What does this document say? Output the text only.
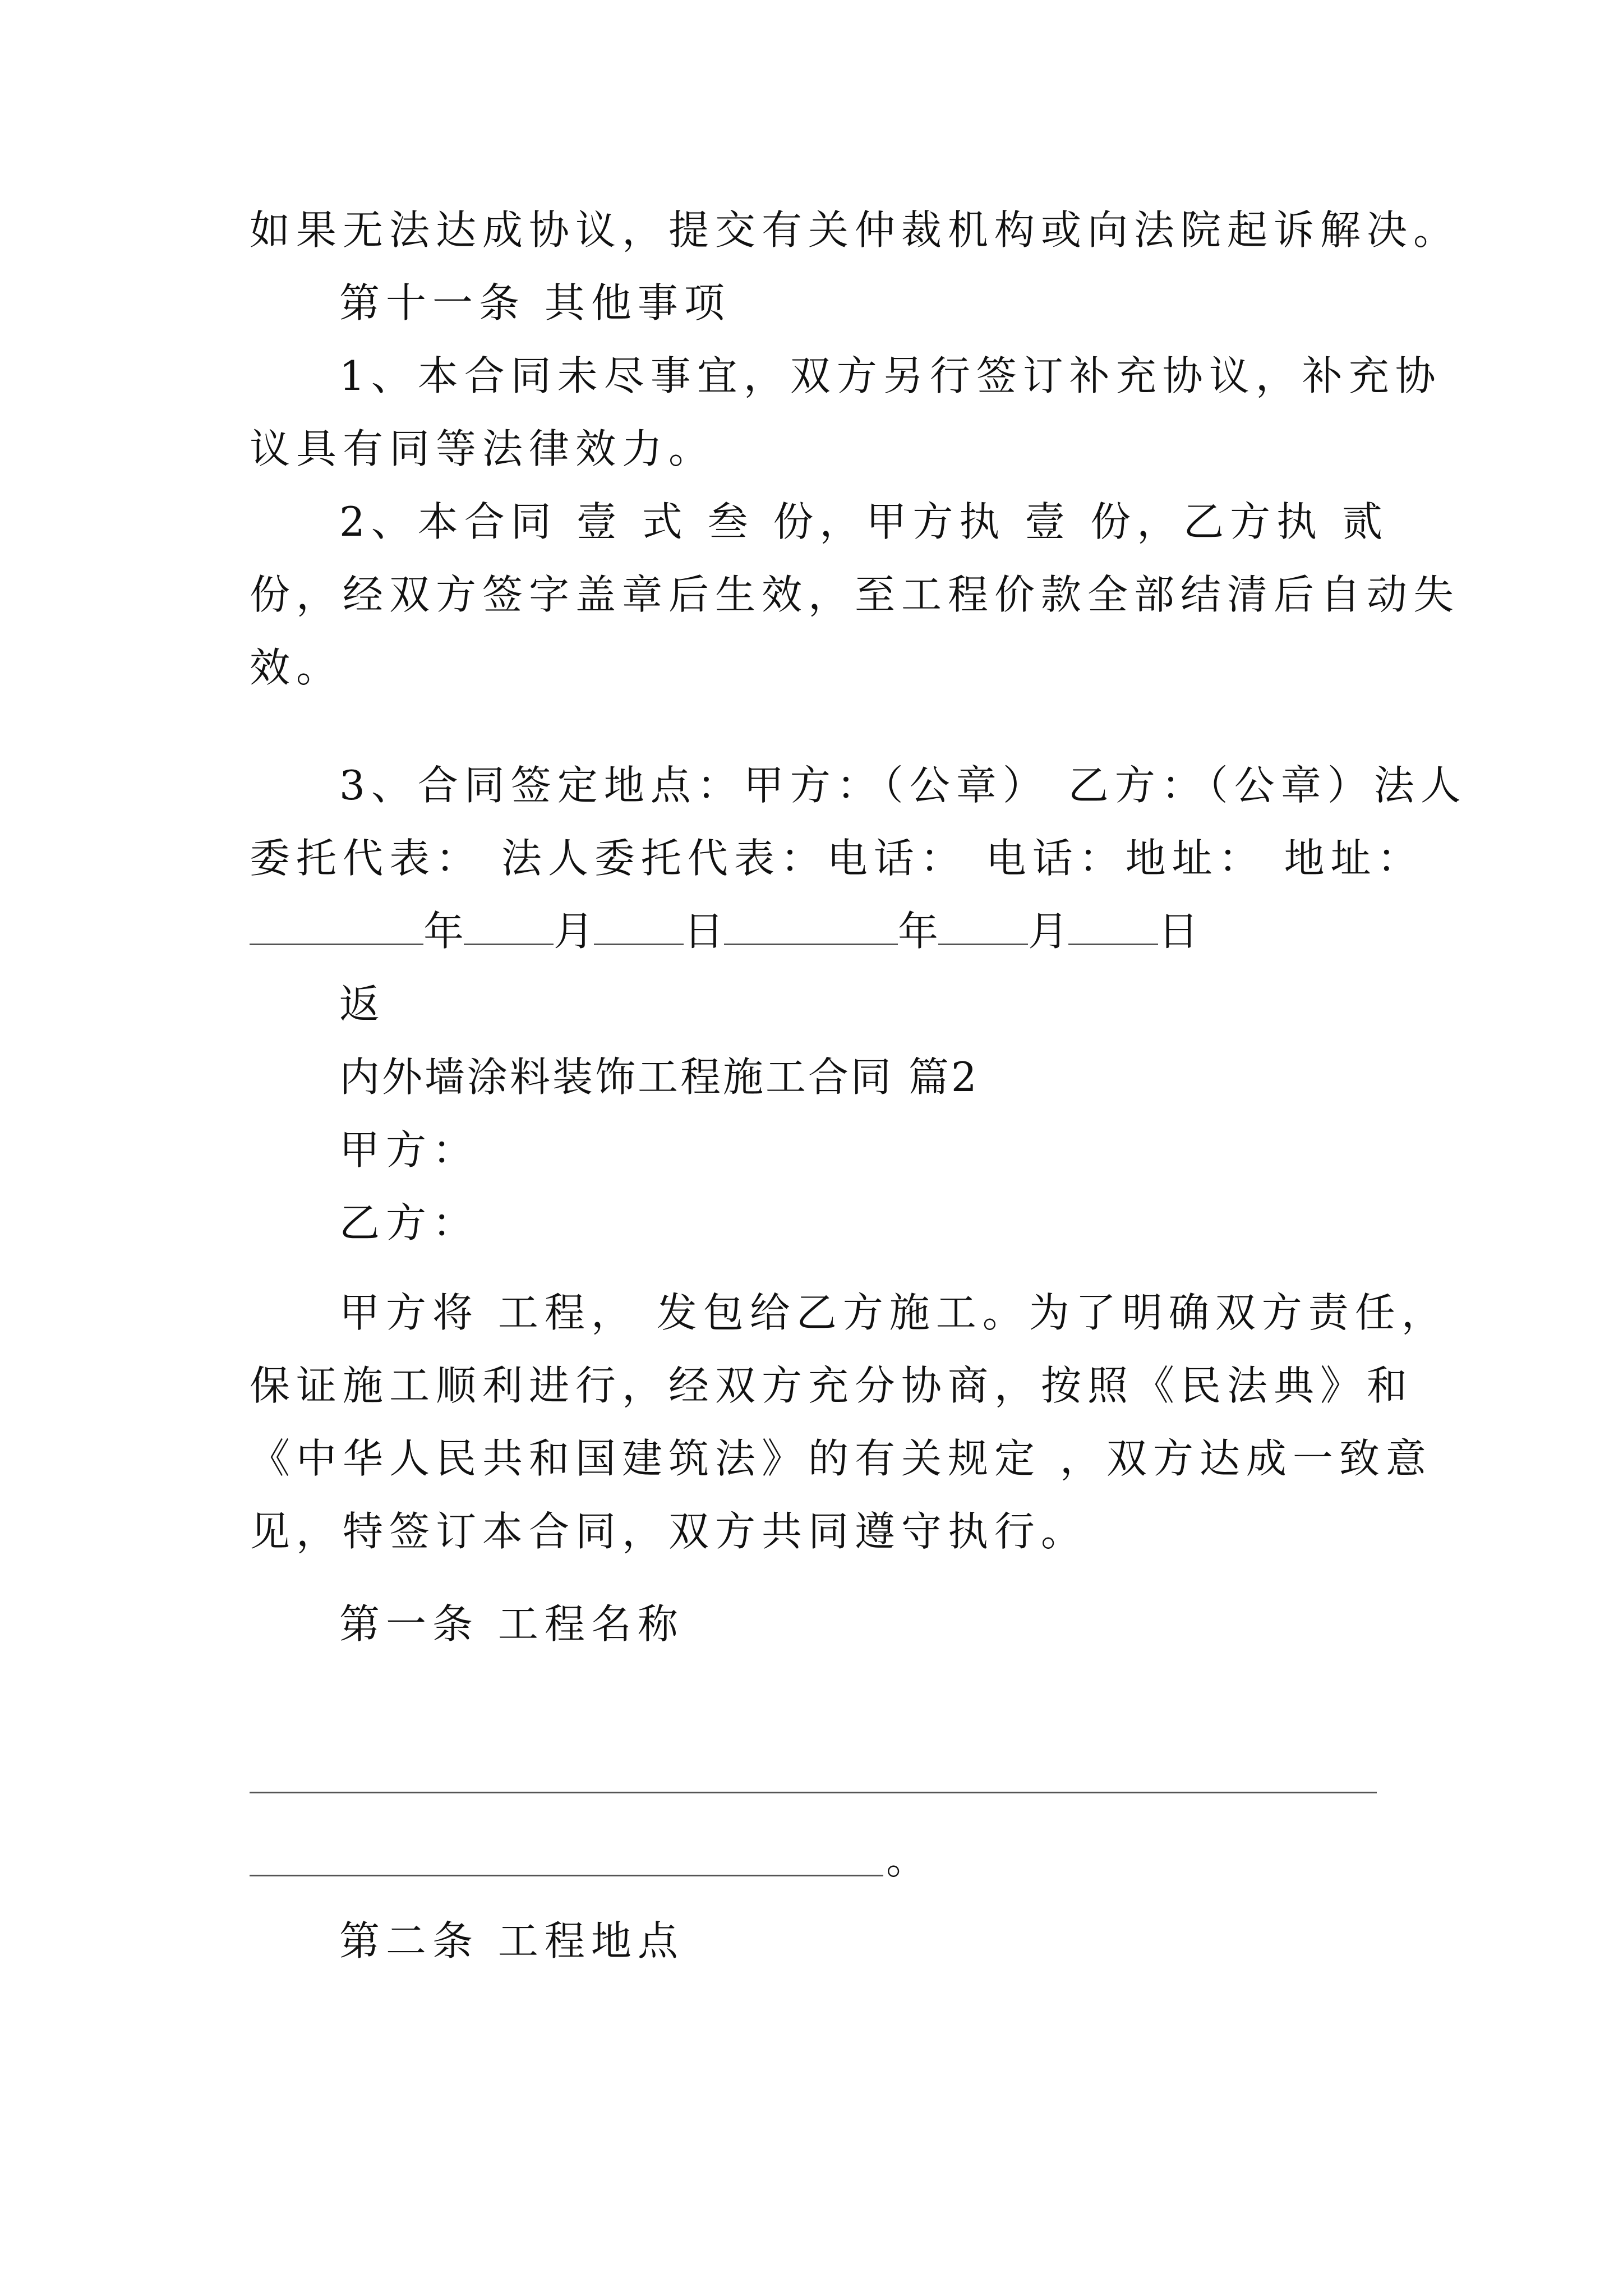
如果无法达成协议，提交有关仲裁机构或向法院起诉解决。
第十一条 其他事项
1、本合同未尽事宜，双方另行签订补充协议，补充协
议具有同等法律效力。
2、本合同 壹 式 叁 份，甲方执 壹 份，乙方执 贰
份，经双方签字盖章后生效，至工程价款全部结清后自动失
效。
3、合同签定地点：甲方：（公章） 乙方：（公章）法人
委托代表： 法人委托代表：电话： 电话：地址： 地址：
年 月 日	年 月 日
返
内外墙涂料装饰工程施工合同 篇2
甲方：
乙方：
甲方将 工程， 发包给乙方施工。为了明确双方责任，
保证施工顺利进行，经双方充分协商，按照《民法典》和
《中华人民共和国建筑法》的有关规定 ，双方达成一致意
见，特签订本合同，双方共同遵守执行。
第一条 工程名称
。
第二条 工程地点
